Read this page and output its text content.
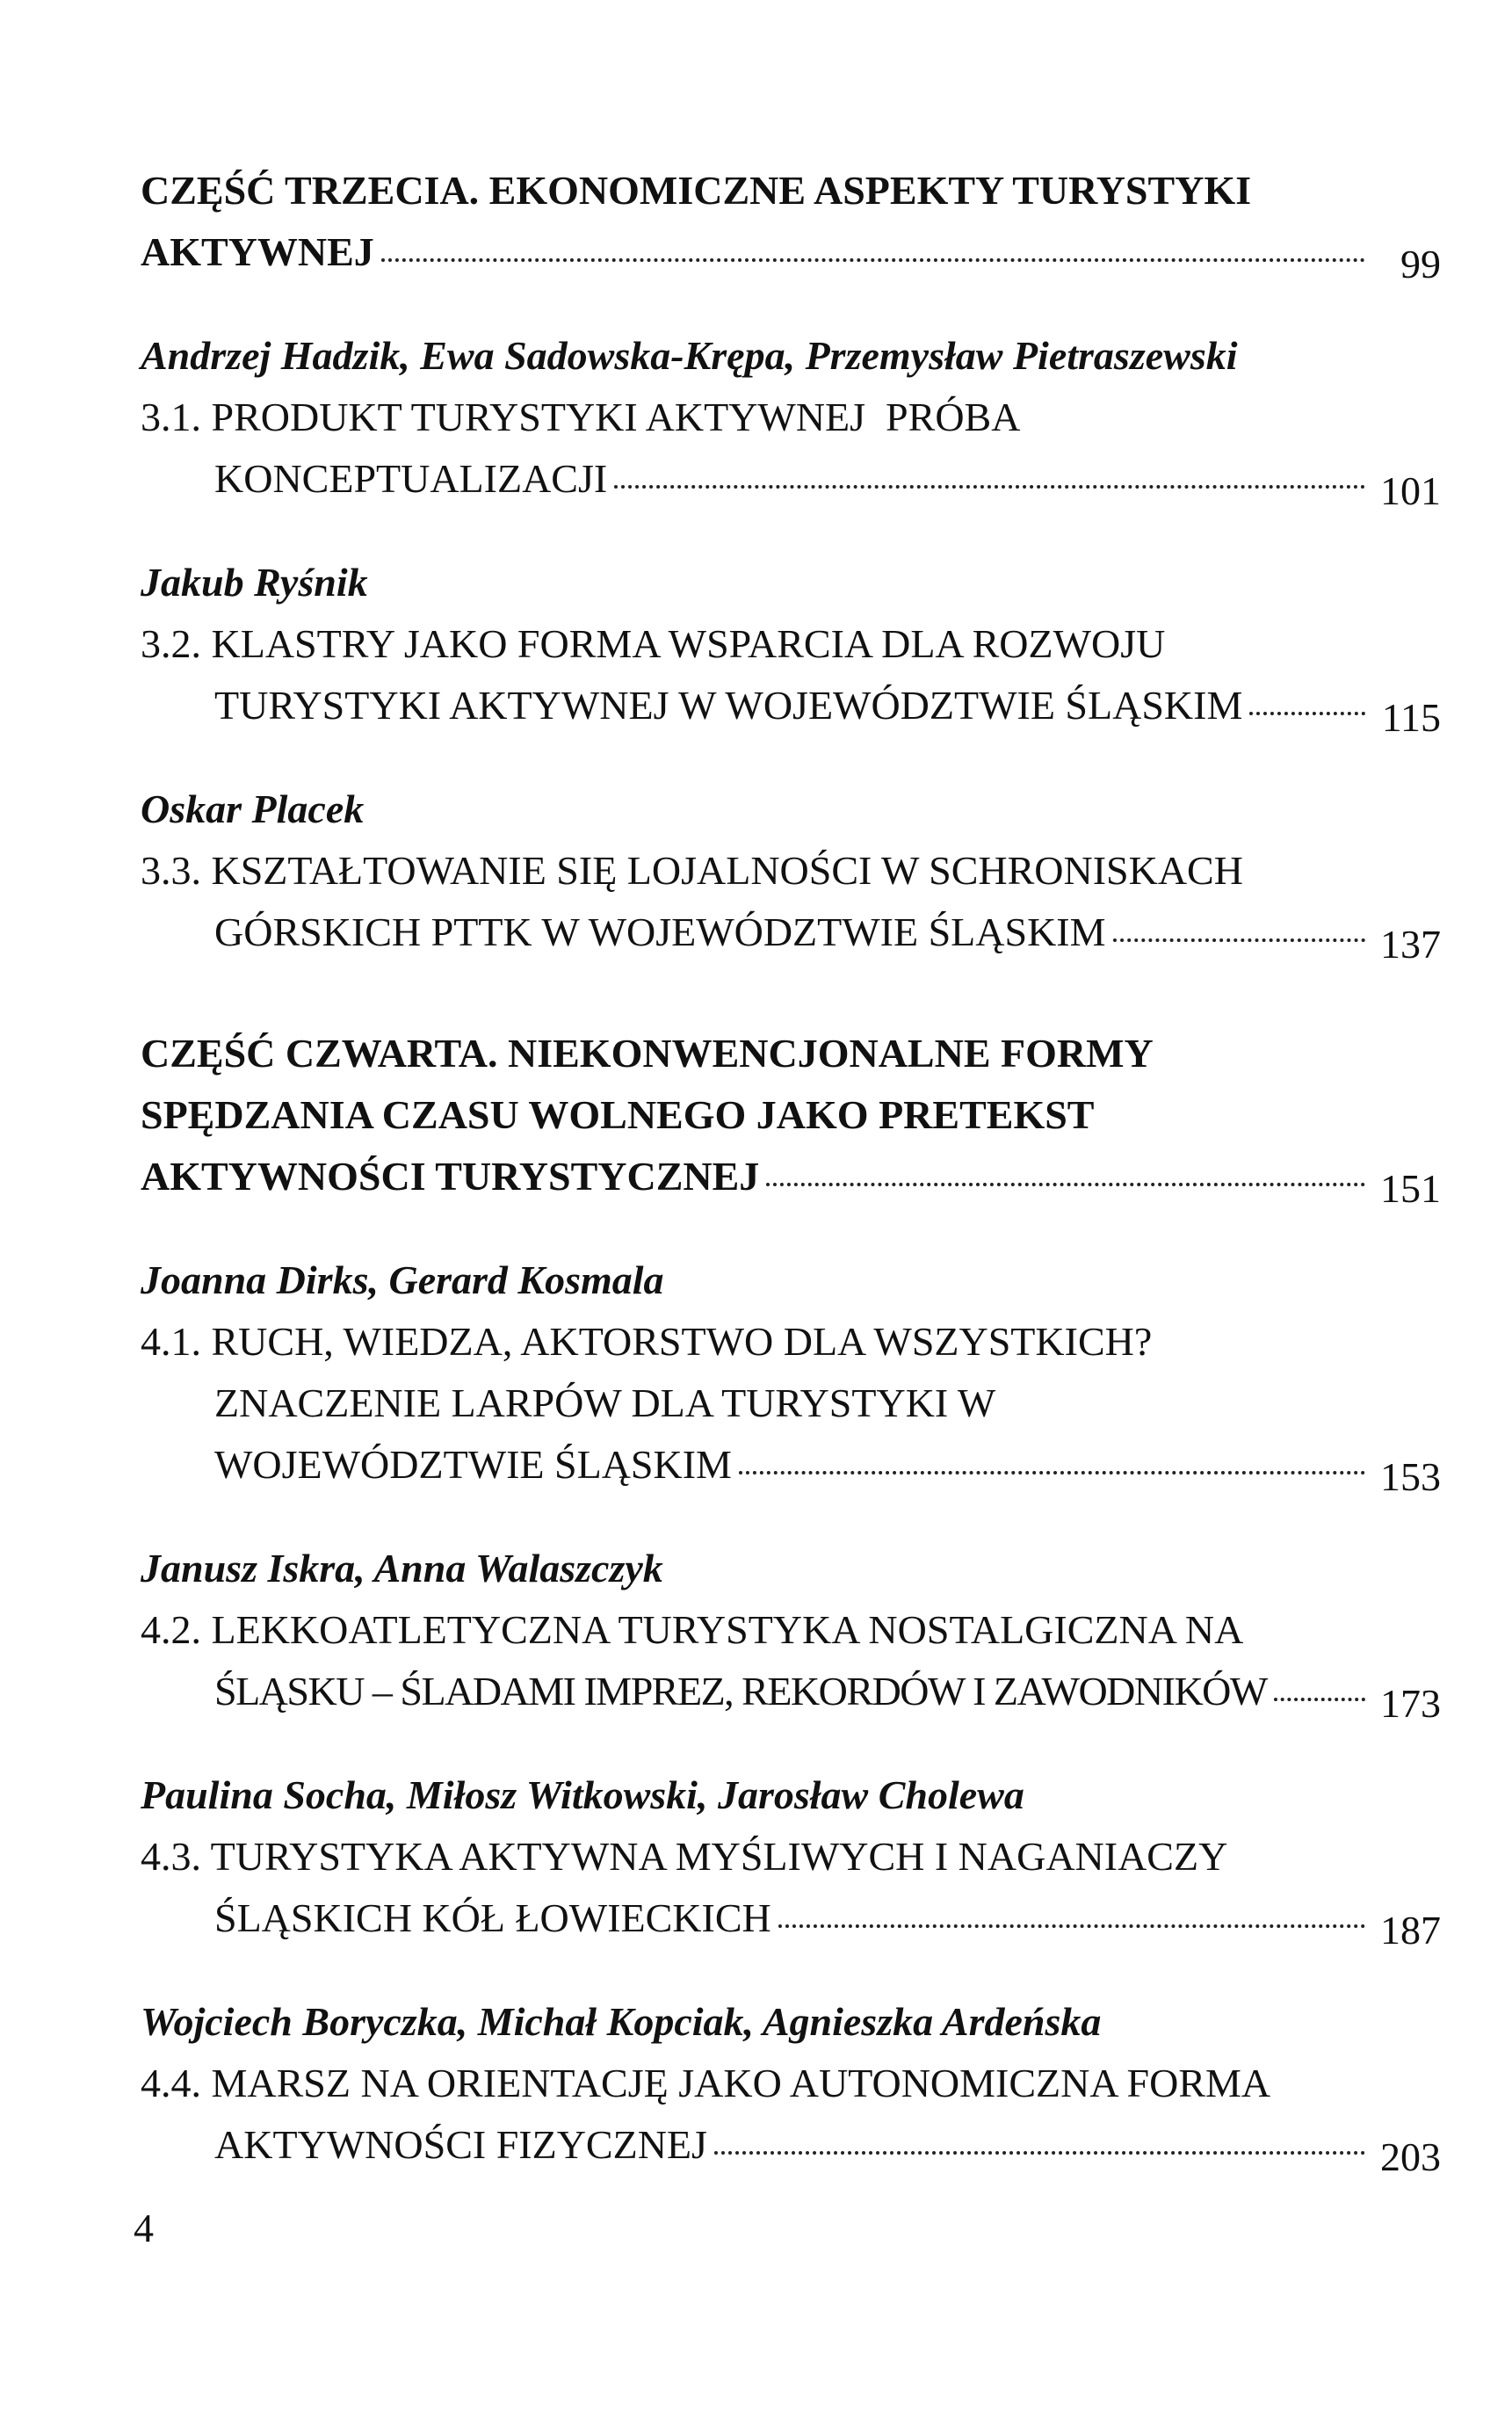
CZĘŚĆ TRZECIA. EKONOMICZNE ASPEKTY TURYSTYKI
AKTYWNEJ	99
Andrzej Hadzik, Ewa Sadowska-Krępa, Przemysław Pietraszewski
3.1. PRODUKT TURYSTYKI AKTYWNEJ  PRÓBA
KONCEPTUALIZACJI	101
Jakub Ryśnik
3.2. KLASTRY JAKO FORMA WSPARCIA DLA ROZWOJU
TURYSTYKI AKTYWNEJ W WOJEWÓDZTWIE ŚLĄSKIM	115
Oskar Placek
3.3. KSZTAŁTOWANIE SIĘ LOJALNOŚCI W SCHRONISKACH
GÓRSKICH PTTK W WOJEWÓDZTWIE ŚLĄSKIM	137
CZĘŚĆ CZWARTA. NIEKONWENCJONALNE FORMY
SPĘDZANIA CZASU WOLNEGO JAKO PRETEKST
AKTYWNOŚCI TURYSTYCZNEJ	151
Joanna Dirks, Gerard Kosmala
4.1. RUCH, WIEDZA, AKTORSTWO DLA WSZYSTKICH?
ZNACZENIE LARPÓW DLA TURYSTYKI W
WOJEWÓDZTWIE ŚLĄSKIM	153
Janusz Iskra, Anna Walaszczyk
4.2. LEKKOATLETYCZNA TURYSTYKA NOSTALGICZNA NA
ŚLĄSKU – ŚLADAMI IMPREZ, REKORDÓW I ZAWODNIKÓW	173
Paulina Socha, Miłosz Witkowski, Jarosław Cholewa
4.3. TURYSTYKA AKTYWNA MYŚLIWYCH I NAGANIACZY
ŚLĄSKICH KÓŁ ŁOWIECKICH	187
Wojciech Boryczka, Michał Kopciak, Agnieszka Ardeńska
4.4. MARSZ NA ORIENTACJĘ JAKO AUTONOMICZNA FORMA
AKTYWNOŚCI FIZYCZNEJ	203
4
